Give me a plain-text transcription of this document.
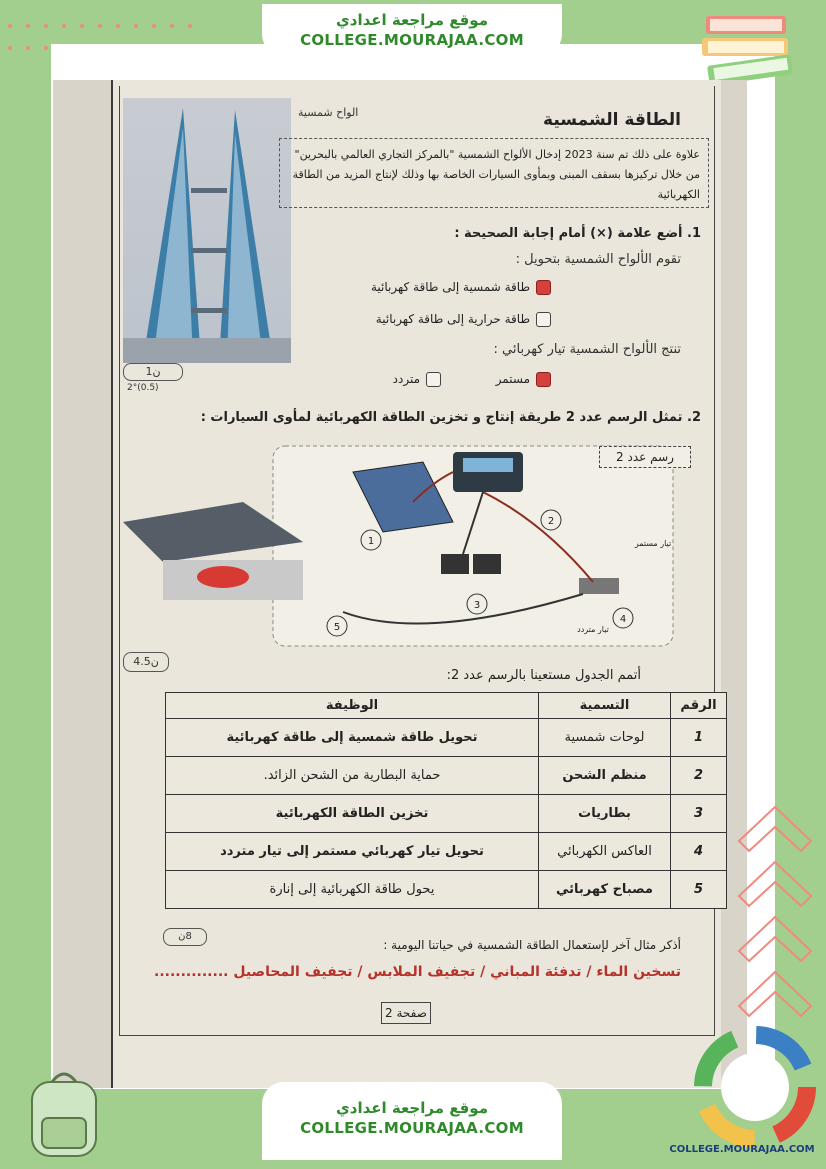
موقع مراجعة اعدادي
COLLEGE.MOURAJAA.COM
ن1
2°(0.5)
الطاقة الشمسية
الواح شمسية
علاوة على ذلك تم سنة 2023 إدخال الألواح الشمسية "بالمركز التجاري العالمي بالبحرين"
من خلال تركيزها بسقف المبنى وبمأوى السيارات الخاصة بها وذلك لإنتاج المزيد من الطاقة الكهربائية
1. أضع علامة (×) أمام إجابة الصحيحة :
تقوم الألواح الشمسية بتحويل :
طاقة شمسية إلى طاقة كهربائية
طاقة حرارية إلى طاقة كهربائية
تنتج الألواح الشمسية تيار كهربائي :
مستمر
متردد
2. تمثل الرسم عدد 2 طريقة إنتاج و تخزين الطاقة الكهربائية لمأوى السيارات :
1
2
3
4
5
تيار مستمر
تيار متردد
رسم عدد 2
4.5ن
أتمم الجدول مستعينا بالرسم عدد 2:
الرقم	التسمية	الوظيفة
1	لوحات شمسية	تحويل طاقة شمسية إلى طاقة كهربائية
2	منظم الشحن	حماية البطارية من الشحن الزائد.
3	بطاريات	تخزين الطاقة الكهربائية
4	العاكس الكهربائي	تحويل تيار كهربائي مستمر إلى تيار متردد
5	مصباح كهربائي	يحول طاقة الكهربائية إلى إنارة
8ن
أذكر مثال آخر لإستعمال الطاقة الشمسية في حياتنا اليومية :
تسخين الماء / تدفئة المباني / تجفيف الملابس / تجفيف المحاصيل ..............
صفحة 2
موقع مراجعة اعدادي
COLLEGE.MOURAJAA.COM
COLLEGE.MOURAJAA.COM
